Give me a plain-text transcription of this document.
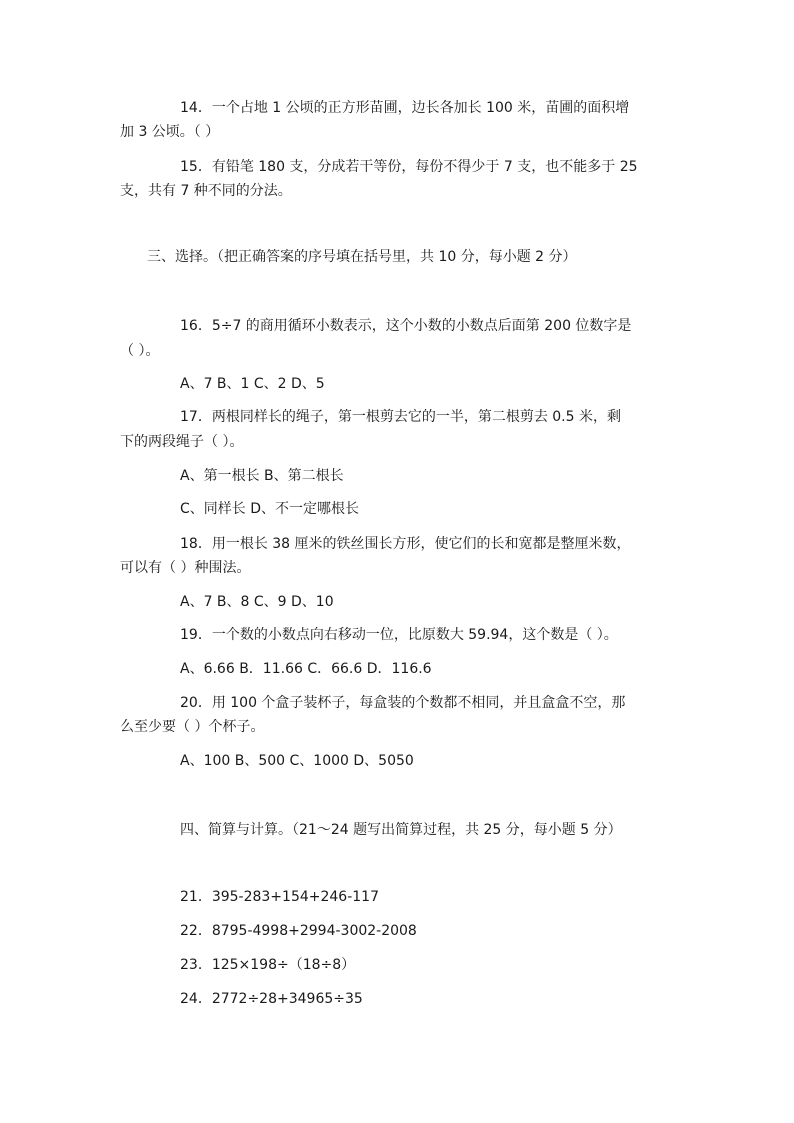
14．一个占地 1 公顷的正方形苗圃，边长各加长 100 米，苗圃的面积增
加 3 公顷。（ ）
15．有铅笔 180 支，分成若干等份，每份不得少于 7 支，也不能多于 25
支，共有 7 种不同的分法。
三、选择。（把正确答案的序号填在括号里，共 10 分，每小题 2 分）
16．5÷7 的商用循环小数表示，这个小数的小数点后面第 200 位数字是
（ ）。
A、7 B、1 C、2 D、5
17．两根同样长的绳子，第一根剪去它的一半，第二根剪去 0.5 米，剩
下的两段绳子（ ）。
A、第一根长 B、第二根长
C、同样长 D、不一定哪根长
18．用一根长 38 厘米的铁丝围长方形，使它们的长和宽都是整厘米数，
可以有（ ）种围法。
A、7 B、8 C、9 D、10
19．一个数的小数点向右移动一位，比原数大 59.94，这个数是（ ）。
A、6.66 B．11.66 C．66.6 D．116.6
20．用 100 个盒子装杯子，每盒装的个数都不相同，并且盒盒不空，那
么至少要（ ）个杯子。
A、100 B、500 C、1000 D、5050
四、简算与计算。（21～24 题写出简算过程，共 25 分，每小题 5 分）
21．395-283+154+246-117
22．8795-4998+2994-3002-2008
23．125×198÷（18÷8）
24．2772÷28+34965÷35
